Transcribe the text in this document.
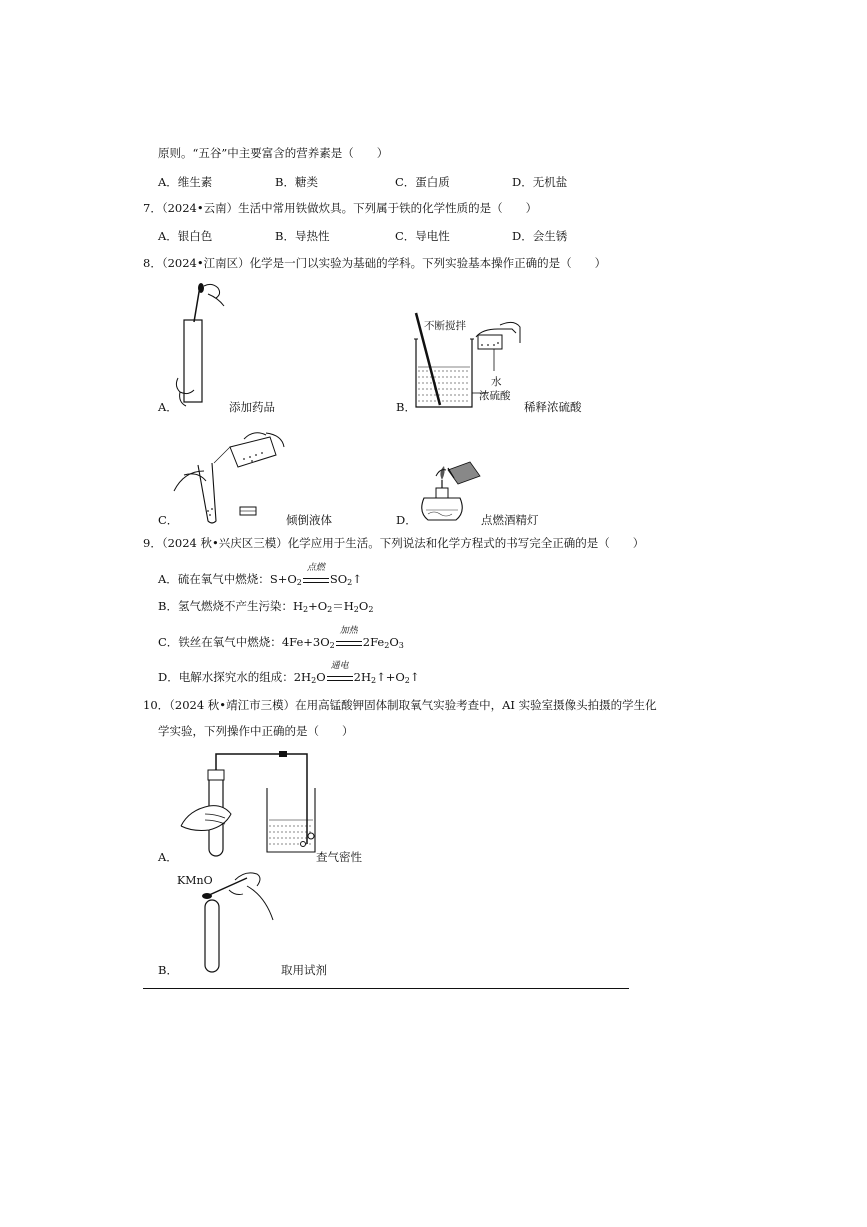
原则。“五谷”中主要富含的营养素是（　　）
A．维生素	B．糖类	C．蛋白质	D．无机盐
7．（2024•云南）生活中常用铁做炊具。下列属于铁的化学性质的是（　　）
A．银白色	B．导热性	C．导电性	D．会生锈
8．（2024•江南区）化学是一门以实验为基础的学科。下列实验基本操作正确的是（　　）
A．	添加药品
不断搅拌
水
浓硫酸
B．	稀释浓硫酸
C．	倾倒液体	D．	点燃酒精灯
9．（2024 秋•兴庆区三模）化学应用于生活。下列说法和化学方程式的书写完全正确的是（　　）
A．硫在氧气中燃烧：$S+O_2$
点燃
$SO_2↑$
B．氢气燃烧不产生污染：$H_2+O_2=H_2O_2$
C．铁丝在氧气中燃烧：$4Fe+3O_2$
加热
$2Fe_2O_3$
D．电解水探究水的组成：$2H_2O$
通电
$2H_2↑+O_2↑$
10．（2024 秋•靖江市三模）在用高锰酸钾固体制取氧气实验考查中，AI 实验室摄像头拍摄的学生化
学实验，下列操作中正确的是（　　）
A．	查气密性
KMnO
B．	取用试剂
